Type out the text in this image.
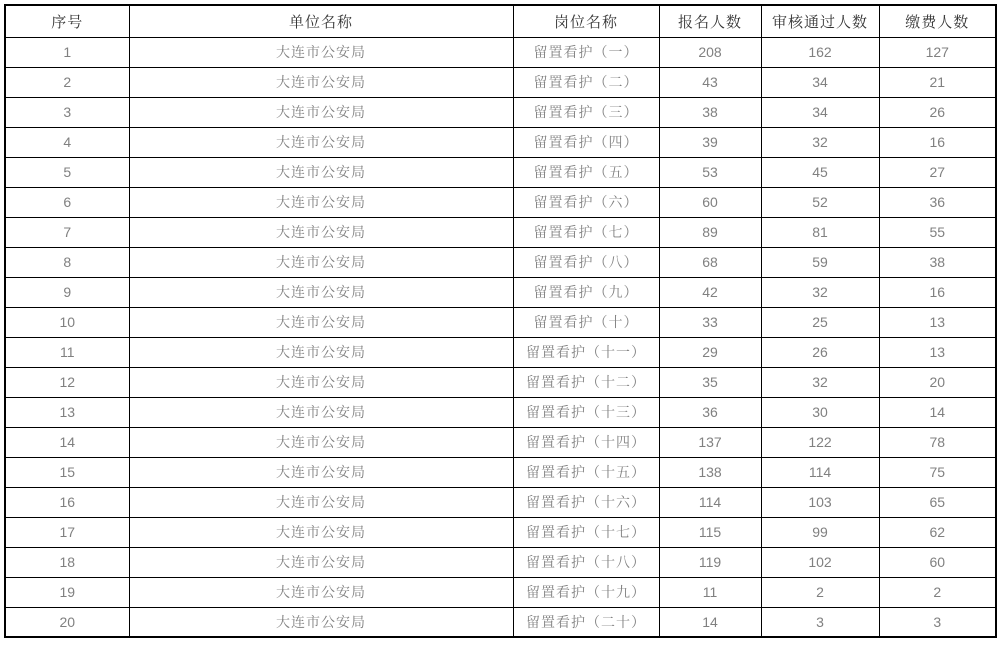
序号	单位名称	岗位名称	报名人数	审核通过人数	缴费人数
1	大连市公安局	留置看护（一）	208	162	127
2	大连市公安局	留置看护（二）	43	34	21
3	大连市公安局	留置看护（三）	38	34	26
4	大连市公安局	留置看护（四）	39	32	16
5	大连市公安局	留置看护（五）	53	45	27
6	大连市公安局	留置看护（六）	60	52	36
7	大连市公安局	留置看护（七）	89	81	55
8	大连市公安局	留置看护（八）	68	59	38
9	大连市公安局	留置看护（九）	42	32	16
10	大连市公安局	留置看护（十）	33	25	13
11	大连市公安局	留置看护（十一）	29	26	13
12	大连市公安局	留置看护（十二）	35	32	20
13	大连市公安局	留置看护（十三）	36	30	14
14	大连市公安局	留置看护（十四）	137	122	78
15	大连市公安局	留置看护（十五）	138	114	75
16	大连市公安局	留置看护（十六）	114	103	65
17	大连市公安局	留置看护（十七）	115	99	62
18	大连市公安局	留置看护（十八）	119	102	60
19	大连市公安局	留置看护（十九）	11	2	2
20	大连市公安局	留置看护（二十）	14	3	3
